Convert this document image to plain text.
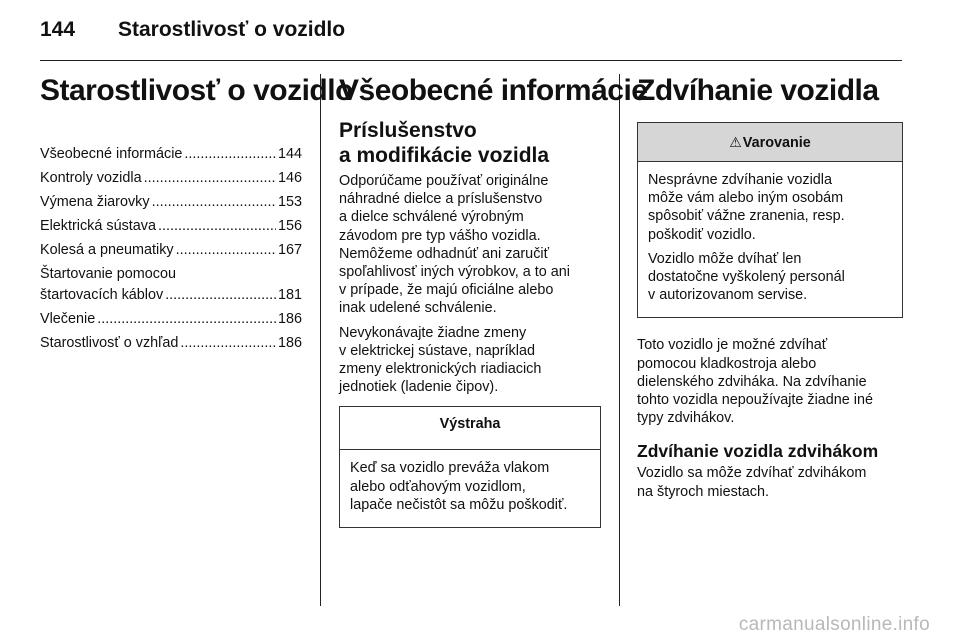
144 Starostlivosť o vozidlo
Starostlivosť o vozidlo
Všeobecné informácie .....	144
Kontroly vozidla .....	146
Výmena žiarovky .....	153
Elektrická sústava .....	156
Kolesá a pneumatiky .....	167
Štartovanie pomocou
štartovacích káblov .....	181
Vlečenie .....	186
Starostlivosť o vzhľad .....	186
Všeobecné informácie
Príslušenstvo
a modifikácie vozidla
Odporúčame používať originálne
náhradné dielce a príslušenstvo
a dielce schválené výrobným
závodom pre typ vášho vozidla.
Nemôžeme odhadnúť ani zaručiť
spoľahlivosť iných výrobkov, a to ani
v prípade, že majú oficiálne alebo
inak udelené schválenie.
Nevykonávajte žiadne zmeny
v elektrickej sústave, napríklad
zmeny elektronických riadiacich
jednotiek (ladenie čipov).
Výstraha

Keď sa vozidlo preváža vlakom
alebo odťahovým vozidlom,
lapače nečistôt sa môžu poškodiť.

Zdvíhanie vozidla
⚠Varovanie

Nesprávne zdvíhanie vozidla
môže vám alebo iným osobám
spôsobiť vážne zranenia, resp.
poškodiť vozidlo.

Vozidlo môže dvíhať len
dostatočne vyškolený personál
v autorizovanom servise.

Toto vozidlo je možné zdvíhať
pomocou kladkostroja alebo
dielenského zdviháka. Na zdvíhanie
tohto vozidla nepoužívajte žiadne iné
typy zdvihákov.
Zdvíhanie vozidla zdvihákom
Vozidlo sa môže zdvíhať zdvihákom
na štyroch miestach.
carmanualsonline.info
